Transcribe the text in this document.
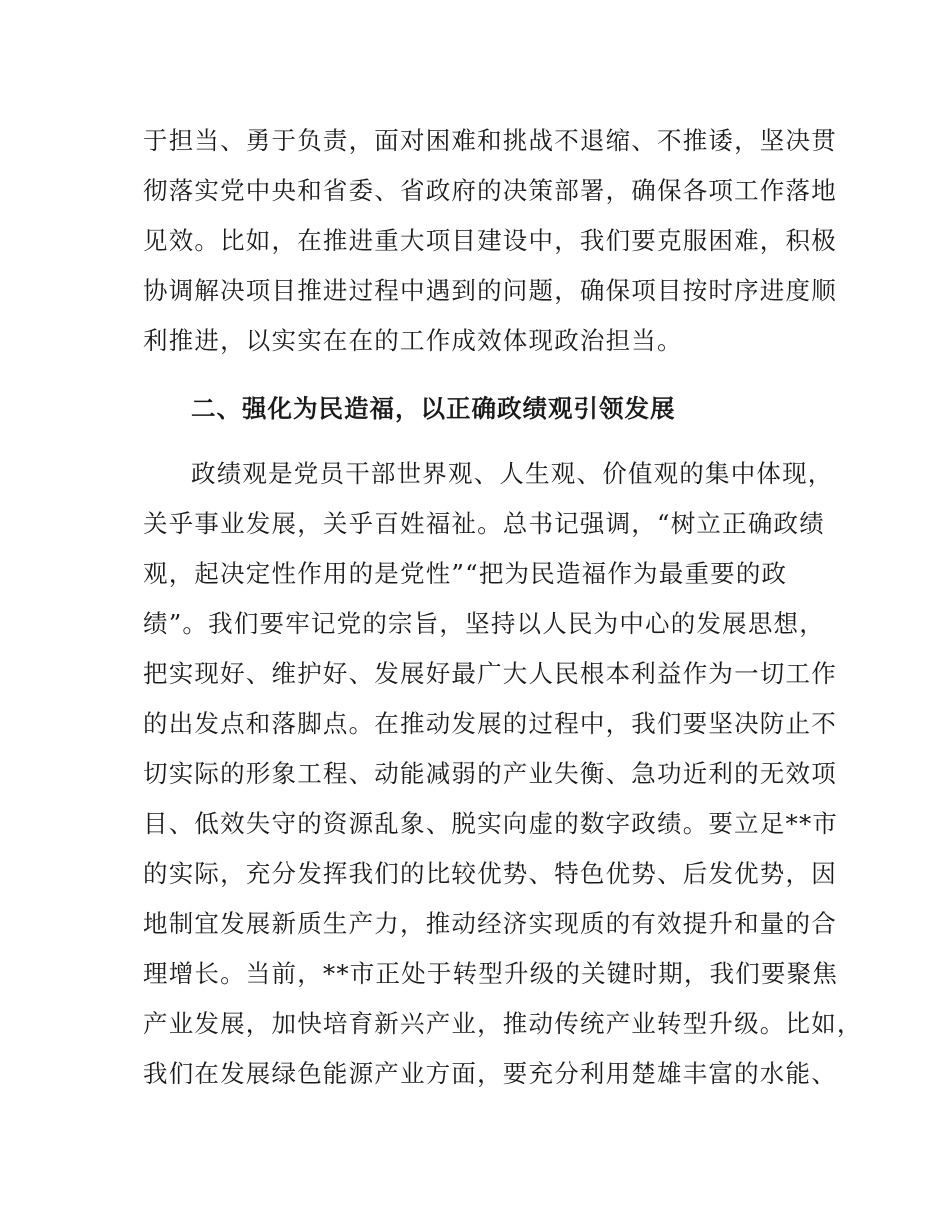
于担当、勇于负责，面对困难和挑战不退缩、不推诿，坚决贯
彻落实党中央和省委、省政府的决策部署，确保各项工作落地
见效。比如，在推进重大项目建设中，我们要克服困难，积极
协调解决项目推进过程中遇到的问题，确保项目按时序进度顺
利推进，以实实在在的工作成效体现政治担当。
二、强化为民造福，以正确政绩观引领发展
政绩观是党员干部世界观、人生观、价值观的集中体现，
关乎事业发展，关乎百姓福祉。总书记强调，“树立正确政绩
观，起决定性作用的是党性”“把为民造福作为最重要的政
绩”。我们要牢记党的宗旨，坚持以人民为中心的发展思想，
把实现好、维护好、发展好最广大人民根本利益作为一切工作
的出发点和落脚点。在推动发展的过程中，我们要坚决防止不
切实际的形象工程、动能减弱的产业失衡、急功近利的无效项
目、低效失守的资源乱象、脱实向虚的数字政绩。要立足**市
的实际，充分发挥我们的比较优势、特色优势、后发优势，因
地制宜发展新质生产力，推动经济实现质的有效提升和量的合
理增长。当前，**市正处于转型升级的关键时期，我们要聚焦
产业发展，加快培育新兴产业，推动传统产业转型升级。比如，
我们在发展绿色能源产业方面，要充分利用楚雄丰富的水能、
